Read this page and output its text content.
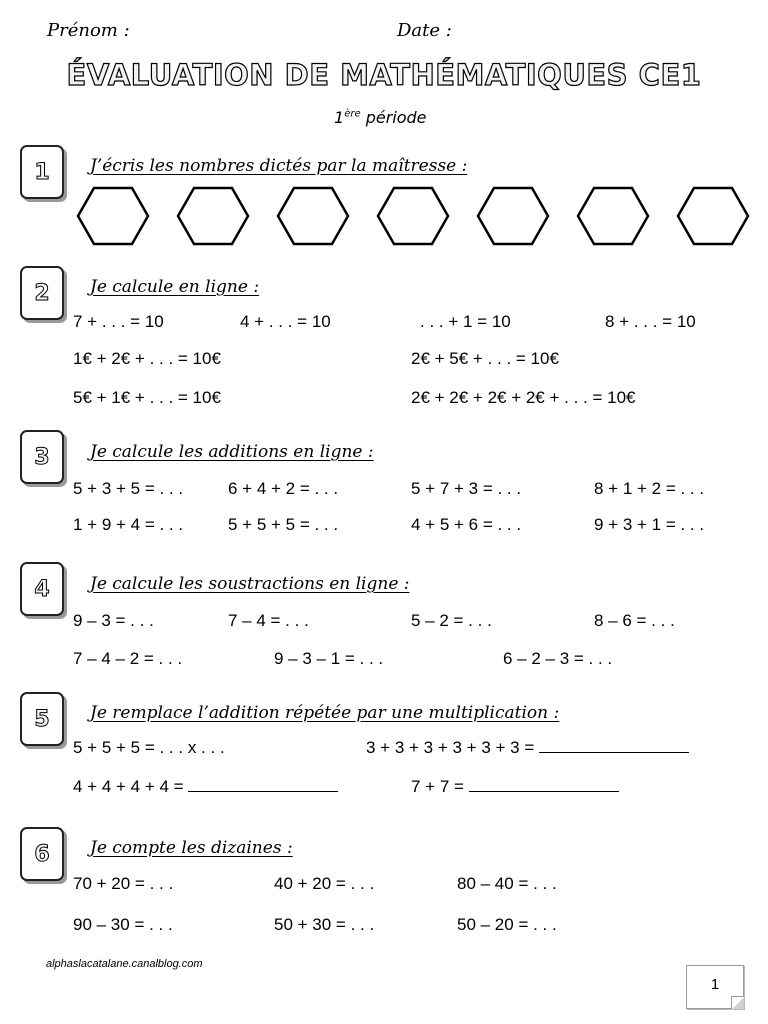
Prénom :	Date :
ÉVALUATION DE MATHÉMATIQUES CE1
1ère période
1	J’écris les nombres dictés par la maîtresse :
2	Je calcule en ligne :
7 + . . . = 10	4 + . . . = 10	. . . + 1 = 10	8 + . . . = 10
1€ + 2€ + . . . = 10€	2€ + 5€ + . . . = 10€
5€ + 1€ + . . . = 10€	2€ + 2€ + 2€ + 2€ + . . . = 10€
3	Je calcule les additions en ligne :
5 + 3 + 5 = . . .	6 + 4 + 2 = . . .	5 + 7 + 3 = . . .	8 + 1 + 2 = . . .
1 + 9 + 4 = . . .	5 + 5 + 5 = . . .	4 + 5 + 6 = . . .	9 + 3 + 1 = . . .
4	Je calcule les soustractions en ligne :
9 – 3 = . . .	7 – 4 = . . .	5 – 2 = . . .	8 – 6 = . . .
7 – 4 – 2 = . . .	9 – 3 – 1 = . . .	6 – 2 – 3 = . . .
5	Je remplace l’addition répétée par une multiplication :
5 + 5 + 5 = . . . x . . .	3 + 3 + 3 + 3 + 3 + 3 =
4 + 4 + 4 + 4 =	7 + 7 =
6	Je compte les dizaines :
70 + 20 = . . .	40 + 20 = . . .	80 – 40 = . . .
90 – 30 = . . .	50 + 30 = . . .	50 – 20 = . . .
alphaslacatalane.canalblog.com
1
